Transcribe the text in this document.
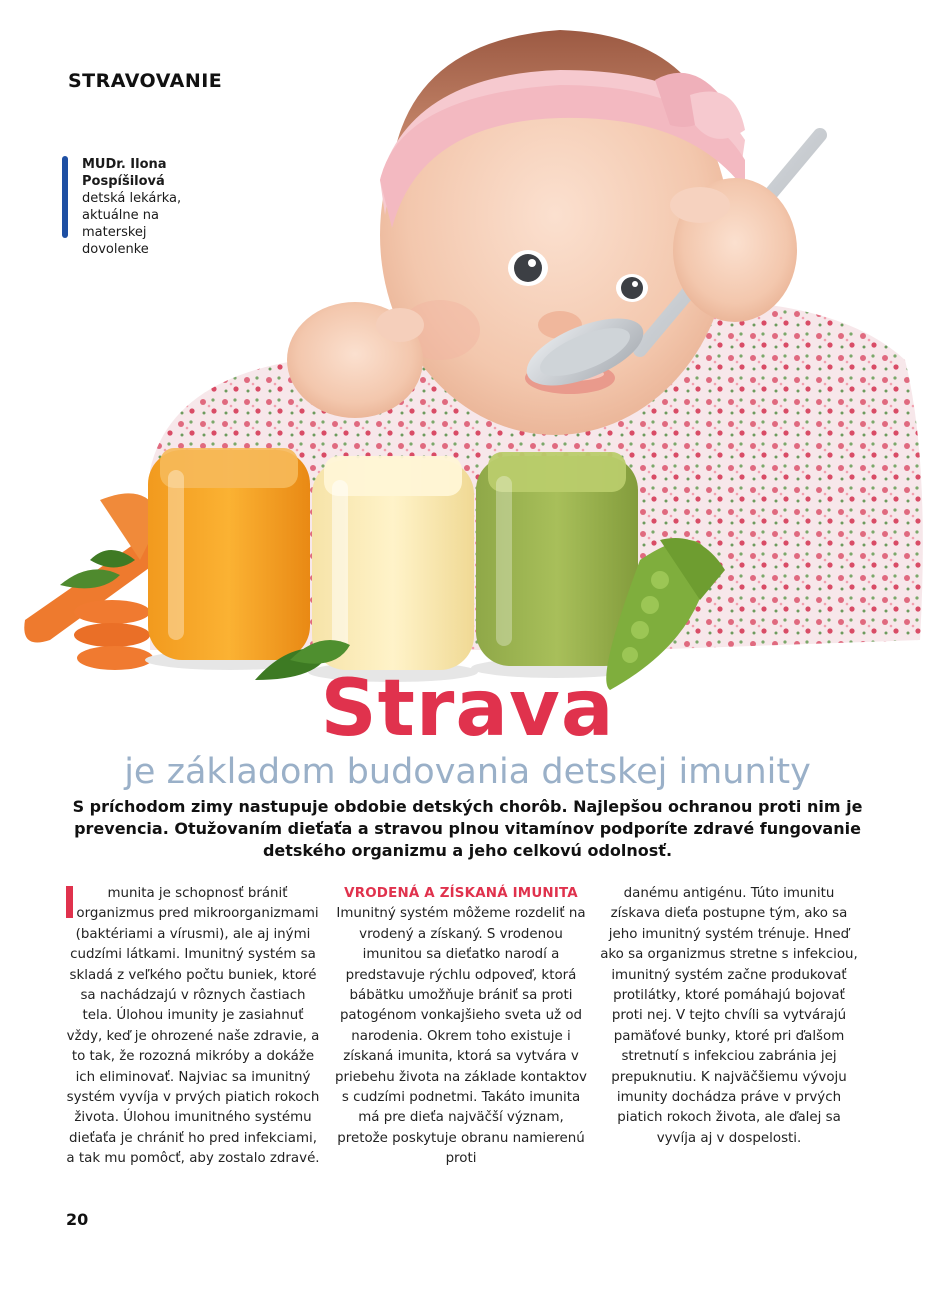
STRAVOVANIE
MUDr. Ilona Pospíšilová
detská lekárka, aktuálne na materskej dovolenke
Strava
je základom budovania detskej imunity
S príchodom zimy nastupuje obdobie detských chorôb. Najlepšou ochranou proti nim je prevencia. Otužovaním dieťaťa a stravou plnou vitamínov podporíte zdravé fungovanie detského organizmu a jeho celkovú odolnosť.

munita je schopnosť brániť organizmus pred mikroorganizmami (baktériami a vírusmi), ale aj inými cudzími látkami. Imunitný systém sa skladá z veľkého počtu buniek, ktoré sa nachádzajú v rôznych častiach tela. Úlohou imunity je zasiahnuť vždy, keď je ohrozené naše zdravie, a to tak, že rozozná mikróby a dokáže ich eliminovať. Najviac sa imunitný systém vyvíja v prvých piatich rokoch života. Úlohou imunitného systému dieťaťa je chrániť ho pred infekciami, a tak mu pomôcť, aby zostalo zdravé.

VRODENÁ A ZÍSKANÁ IMUNITA

Imunitný systém môžeme rozdeliť na vrodený a získaný. S vrodenou imunitou sa dieťatko narodí a predstavuje rýchlu odpoveď, ktorá bábätku umožňuje brániť sa proti patogénom vonkajšieho sveta už od narodenia. Okrem toho existuje i získaná imunita, ktorá sa vytvára v priebehu života na základe kontaktov s cudzími podnetmi. Takáto imunita má pre dieťa najväčší význam, pretože poskytuje obranu namierenú proti

danému antigénu. Túto imunitu získava dieťa postupne tým, ako sa jeho imunitný systém trénuje. Hneď ako sa organizmus stretne s infekciou, imunitný systém začne produkovať protilátky, ktoré pomáhajú bojovať proti nej. V tejto chvíli sa vytvárajú pamäťové bunky, ktoré pri ďalšom stretnutí s infekciou zabránia jej prepuknutiu. K najväčšiemu vývoju imunity dochádza práve v prvých piatich rokoch života, ale ďalej sa vyvíja aj v dospelosti.

20
